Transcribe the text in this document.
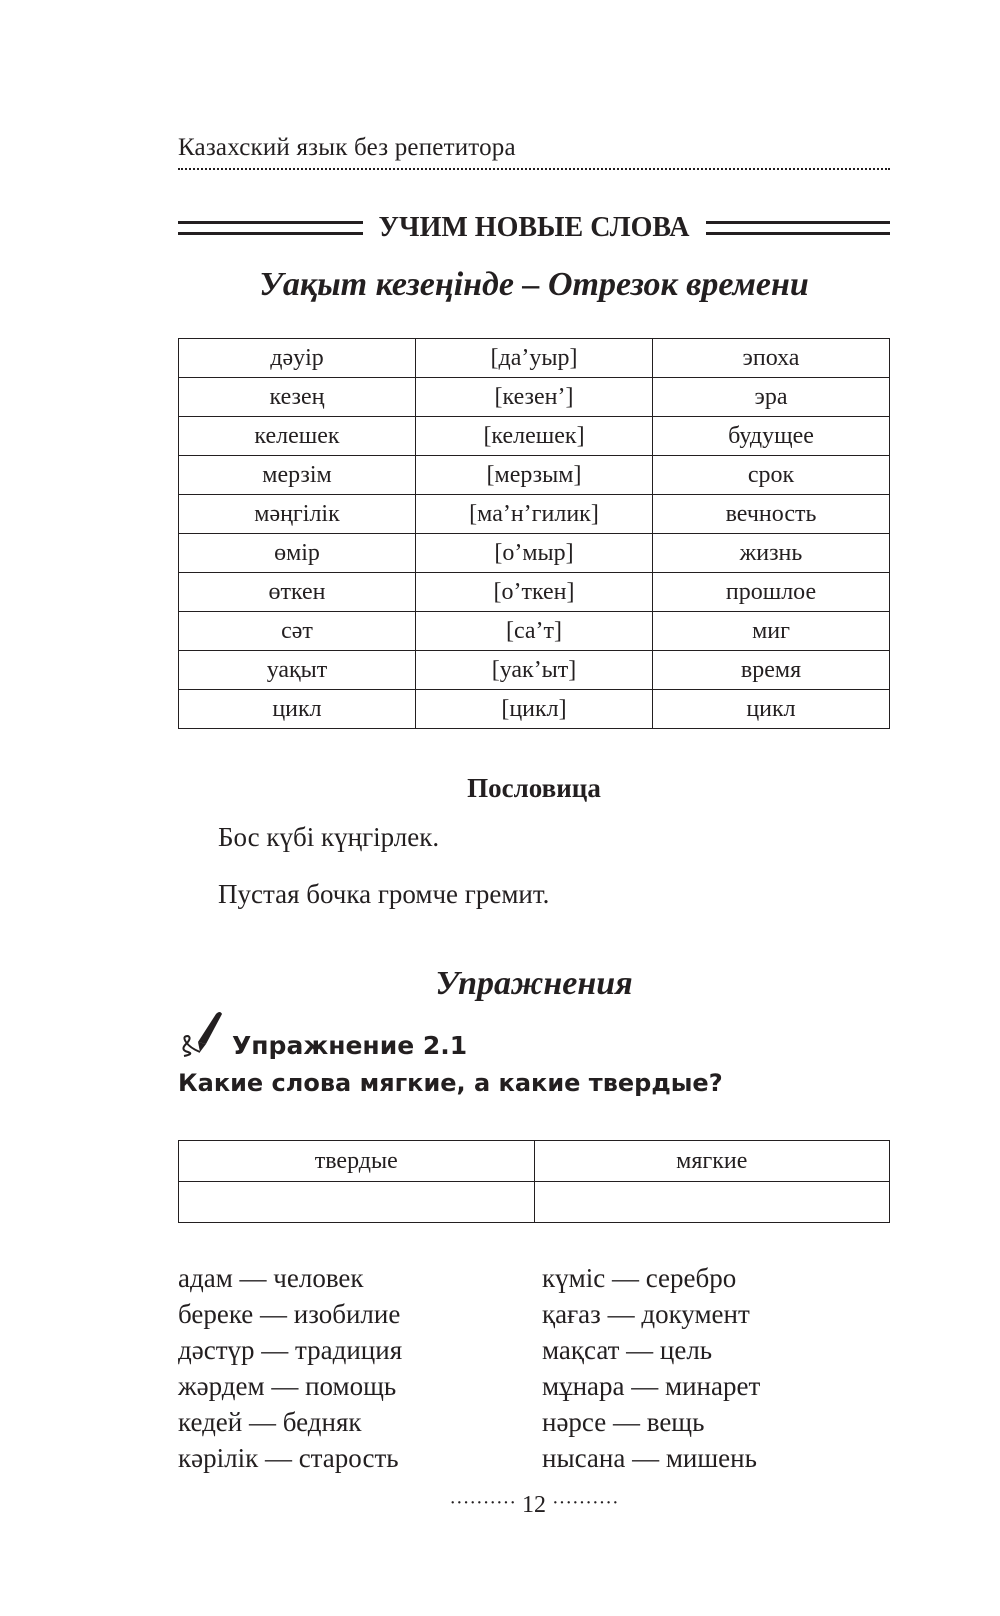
Казахский язык без репетитора
УЧИМ НОВЫЕ СЛОВА
Уақыт кезеңінде – Отрезок времени
дәуір	[да’уыр]	эпоха
кезең	[кезен’]	эра
келешек	[келешек]	будущее
мерзім	[мерзым]	срок
мәңгілік	[ма’н’гилик]	вечность
өмір	[о’мыр]	жизнь
өткен	[о’ткен]	прошлое
сәт	[са’т]	миг
уақыт	[уак’ыт]	время
цикл	[цикл]	цикл
Пословица
Бос күбі күңгірлек.
Пустая бочка громче гремит.
Упражнения
Упражнение 2.1
Какие слова мягкие, а какие твердые?
твердые	мягкие

адам — человек
береке — изобилие
дәстүр — традиция
жәрдем — помощь
кедей — бедняк
кәрілік — старость
күміс — серебро
қағаз — документ
мақсат — цель
мұнара — минарет
нәрсе — вещь
нысана — мишень
·········· 12 ··········
